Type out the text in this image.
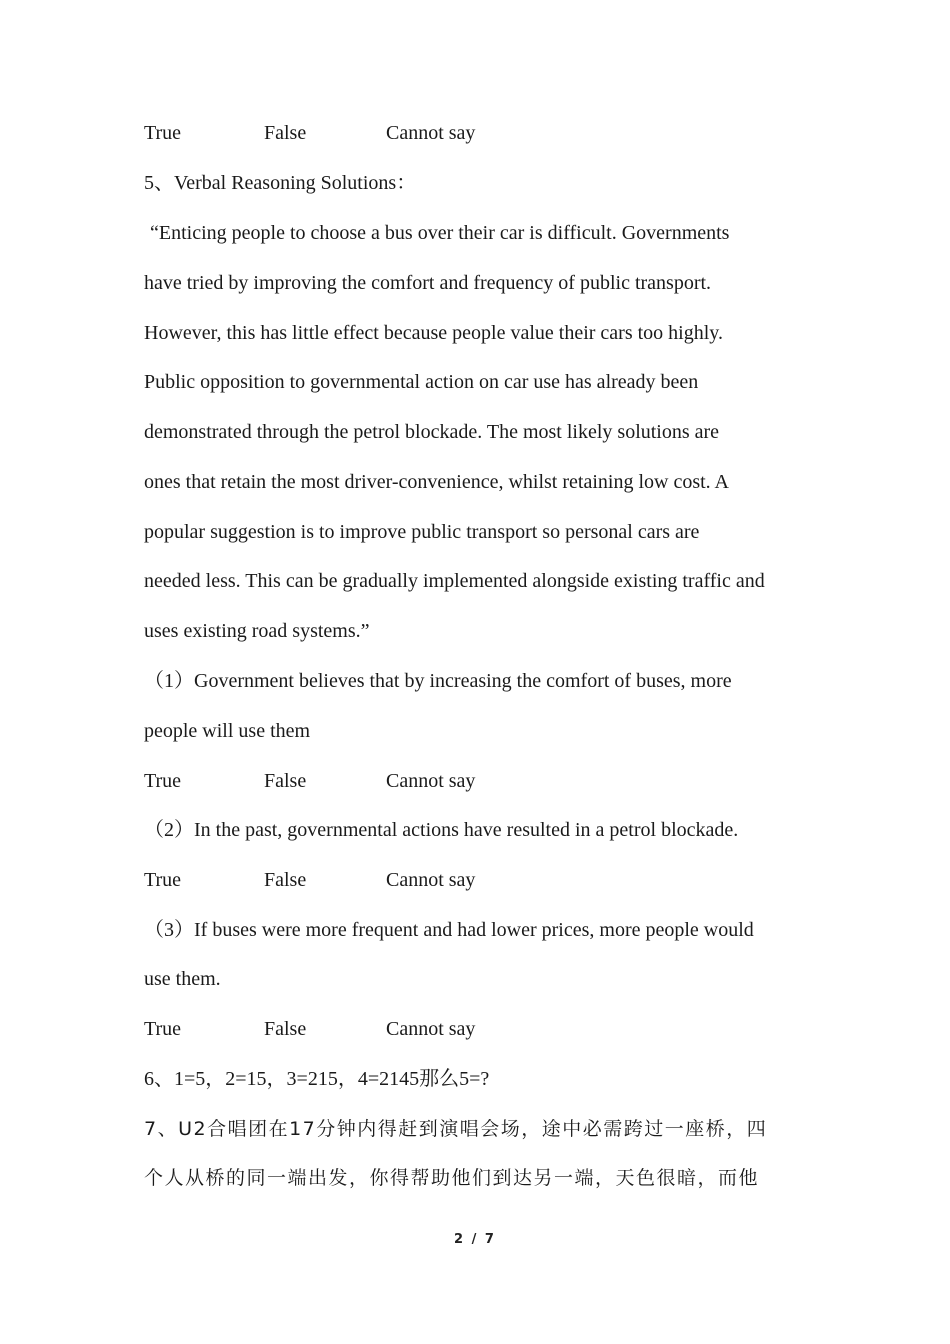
True	False	Cannot say
5、Verbal Reasoning Solutions：
“Enticing people to choose a bus over their car is difficult. Governments
have tried by improving the comfort and frequency of public transport.
However, this has little effect because people value their cars too highly.
Public opposition to governmental action on car use has already been
demonstrated through the petrol blockade. The most likely solutions are
ones that retain the most driver-convenience, whilst retaining low cost. A
popular suggestion is to improve public transport so personal cars are
needed less. This can be gradually implemented alongside existing traffic and
uses existing road systems.”
（1）Government believes that by increasing the comfort of buses, more
people will use them
True	False	Cannot say
（2）In the past, governmental actions have resulted in a petrol blockade.
True	False	Cannot say
（3）If buses were more frequent and had lower prices, more people would
use them.
True	False	Cannot say
6、1=5，2=15，3=215，4=2145那么5=?
7、U2合唱团在17分钟内得赶到演唱会场，途中必需跨过一座桥，四
个人从桥的同一端出发，你得帮助他们到达另一端，天色很暗，而他
2 / 7
